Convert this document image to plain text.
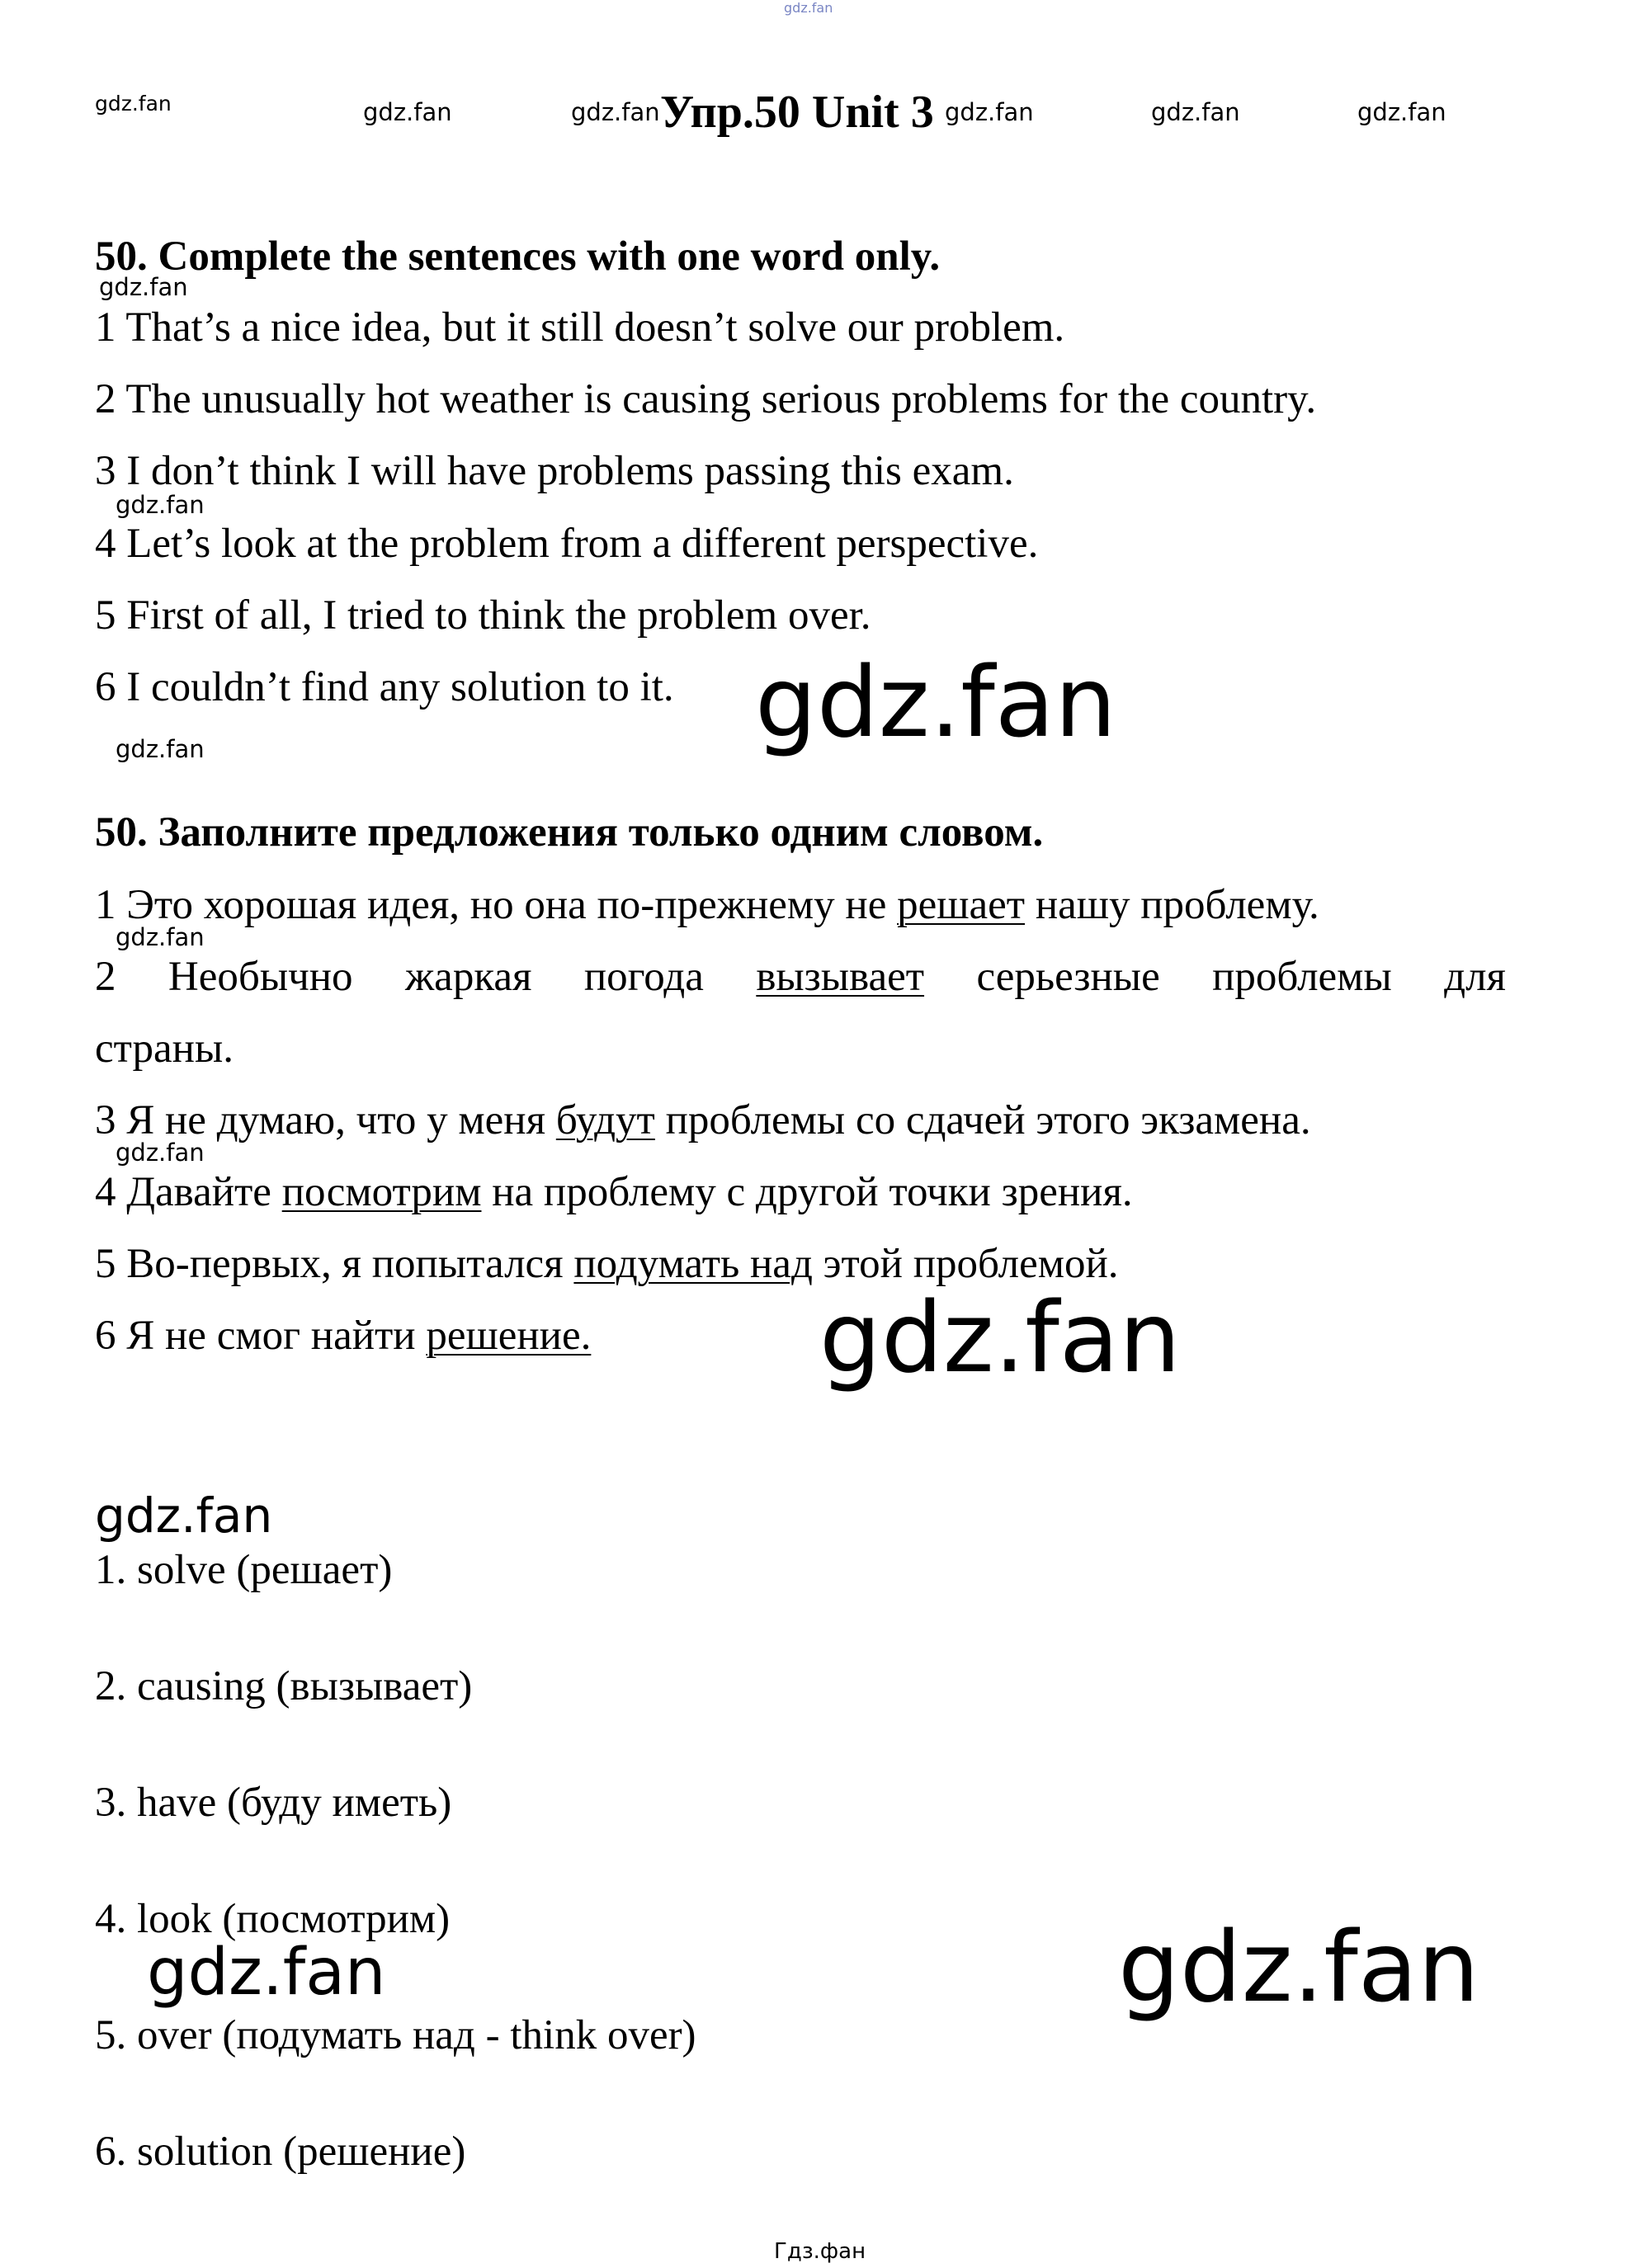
gdz.fan
gdz.fan	gdz.fan	gdz.fan	gdz.fan	gdz.fan	gdz.fan
Упр.50 Unit 3
50. Complete the sentences with one word only.
gdz.fan
1 That’s a nice idea, but it still doesn’t solve our problem.
2 The unusually hot weather is causing serious problems for the country.
3 I don’t think I will have problems passing this exam.
gdz.fan
4 Let’s look at the problem from a different perspective.
5 First of all, I tried to think the problem over.
6 I couldn’t find any solution to it. gdz.fan
gdz.fan
50. Заполните предложения только одним словом.
1 Это хорошая идея, но она по-прежнему не решает нашу проблему.
gdz.fan
2 Необычно жаркая погода вызывает серьезные проблемы для
страны.
3 Я не думаю, что у меня будут проблемы со сдачей этого экзамена.
gdz.fan
4 Давайте посмотрим на проблему с другой точки зрения.
5 Во-первых, я попытался подумать над этой проблемой.
6 Я не смог найти решение. gdz.fan
gdz.fan
1. solve (решает)
2. causing (вызывает)
3. have (буду иметь)
4. look (посмотрим)
gdz.fan	gdz.fan
5. over (подумать над - think over)
6. solution (решение)
Гдз.фан
